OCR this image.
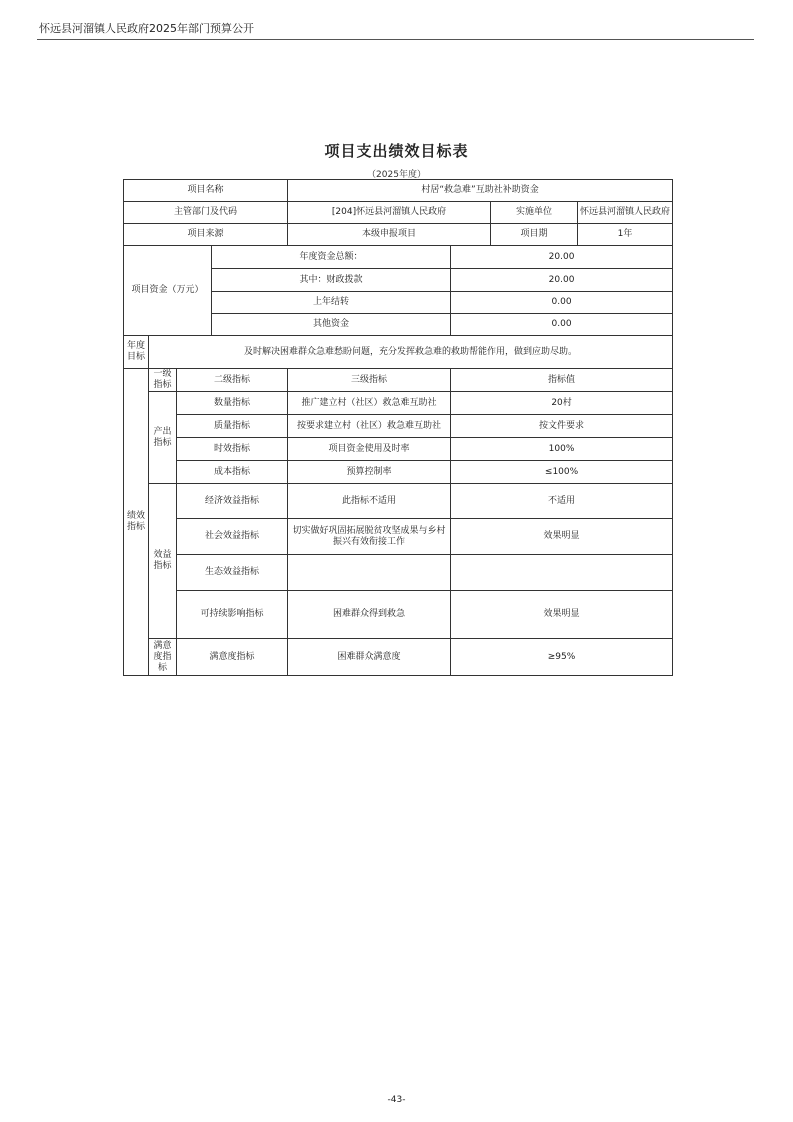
怀远县河溜镇人民政府2025年部门预算公开
项目支出绩效目标表
（2025年度）
项目名称				村居“救急难”互助社补助资金			
主管部门及代码				[204]怀远县河溜镇人民政府		实施单位	怀远县河溜镇人民政府
项目来源				本级申报项目		项目期	1年
项目资金（万元）			年度资金总额：		20.00		
			其中：财政拨款		20.00		
			上年结转		0.00		
			其他资金		0.00		
年度目标	及时解决困难群众急难愁盼问题，充分发挥救急难的救助帮能作用，做到应助尽助。						
绩效指标	一级指标	二级指标		三级指标	指标值		
	产出指标	数量指标		推广建立村（社区）救急难互助社	20村		
		质量指标		按要求建立村（社区）救急难互助社	按文件要求		
		时效指标		项目资金使用及时率	100%		
		成本指标		预算控制率	≤100%		
	效益指标	经济效益指标		此指标不适用	不适用		
		社会效益指标		切实做好巩固拓展脱贫攻坚成果与乡村振兴有效衔接工作	效果明显		
		生态效益指标					
		可持续影响指标		困难群众得到救急	效果明显		
	满意度指标	满意度指标		困难群众满意度	≥95%		
-43-
